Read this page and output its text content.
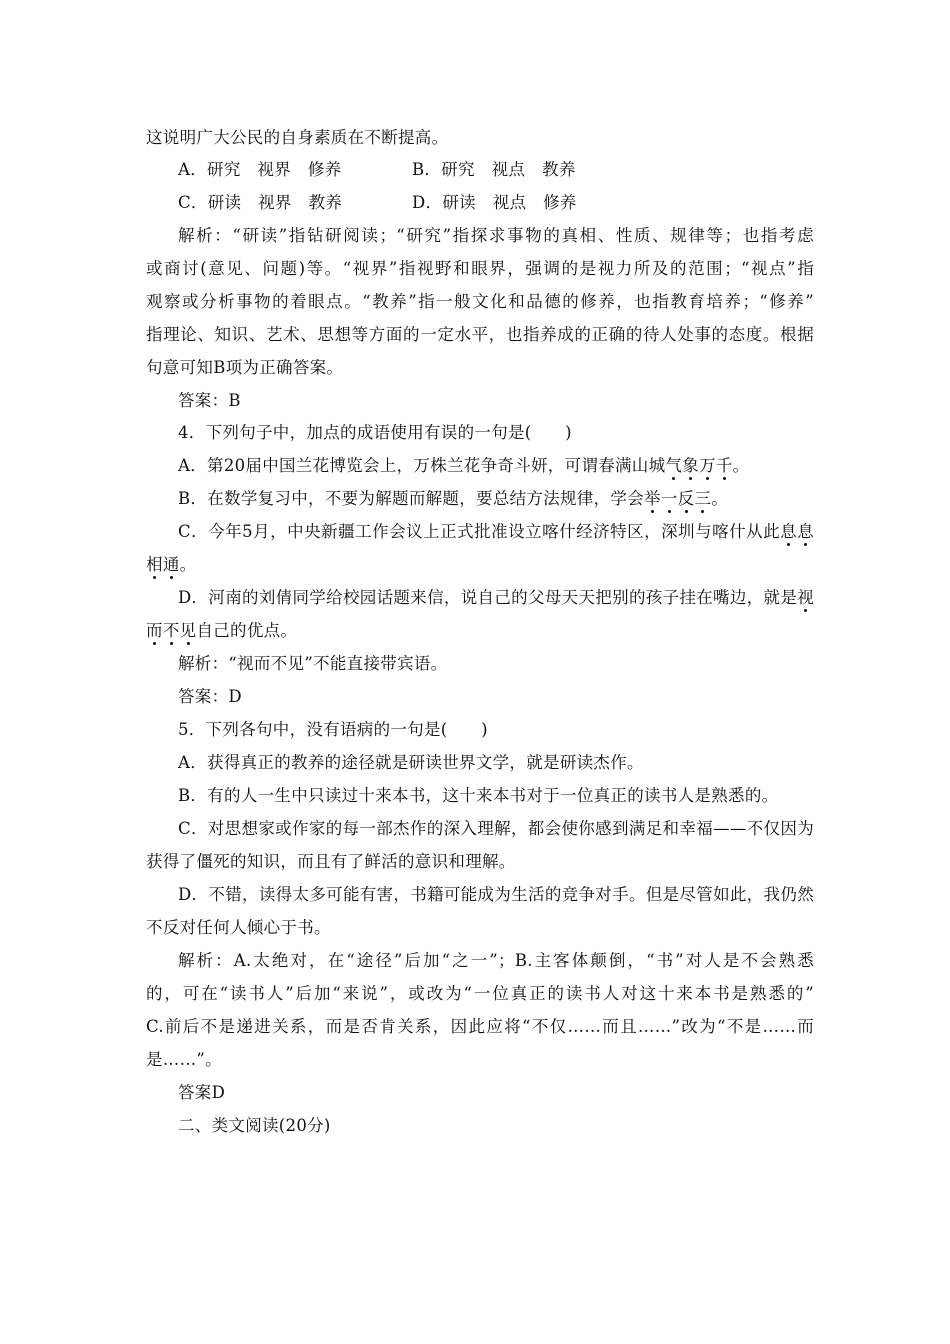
这说明广大公民的自身素质在不断提高。
A．研究　视界　修养	B．研究　视点　教养
C．研读　视界　教养	D．研读　视点　修养
解析：“研读”指钻研阅读；“研究”指探求事物的真相、性质、规律等；也指考虑
或商讨(意见、问题)等。“视界”指视野和眼界，强调的是视力所及的范围；“视点”指
观察或分析事物的着眼点。“教养”指一般文化和品德的修养，也指教育培养；“修养”
指理论、知识、艺术、思想等方面的一定水平，也指养成的正确的待人处事的态度。根据
句意可知B项为正确答案。
答案：B
4．下列句子中，加点的成语使用有误的一句是(　　)
A．第20届中国兰花博览会上，万株兰花争奇斗妍，可谓春满山城气象万千。
B．在数学复习中，不要为解题而解题，要总结方法规律，学会举一反三。
C．今年5月，中央新疆工作会议上正式批准设立喀什经济特区，深圳与喀什从此息息
相通。
D．河南的刘倩同学给校园话题来信，说自己的父母天天把别的孩子挂在嘴边，就是视
而不见自己的优点。
解析：“视而不见”不能直接带宾语。
答案：D
5．下列各句中，没有语病的一句是(　　)
A．获得真正的教养的途径就是研读世界文学，就是研读杰作。
B．有的人一生中只读过十来本书，这十来本书对于一位真正的读书人是熟悉的。
C．对思想家或作家的每一部杰作的深入理解，都会使你感到满足和幸福——不仅因为
获得了僵死的知识，而且有了鲜活的意识和理解。
D．不错，读得太多可能有害，书籍可能成为生活的竞争对手。但是尽管如此，我仍然
不反对任何人倾心于书。
解析：A.太绝对，在“途径”后加“之一”；B.主客体颠倒，“书”对人是不会熟悉
的，可在“读书人”后加“来说”，或改为“一位真正的读书人对这十来本书是熟悉的”
C.前后不是递进关系，而是否肯关系，因此应将“不仅……而且……”改为“不是……而
是……”。
答案D
二、类文阅读(20分)
